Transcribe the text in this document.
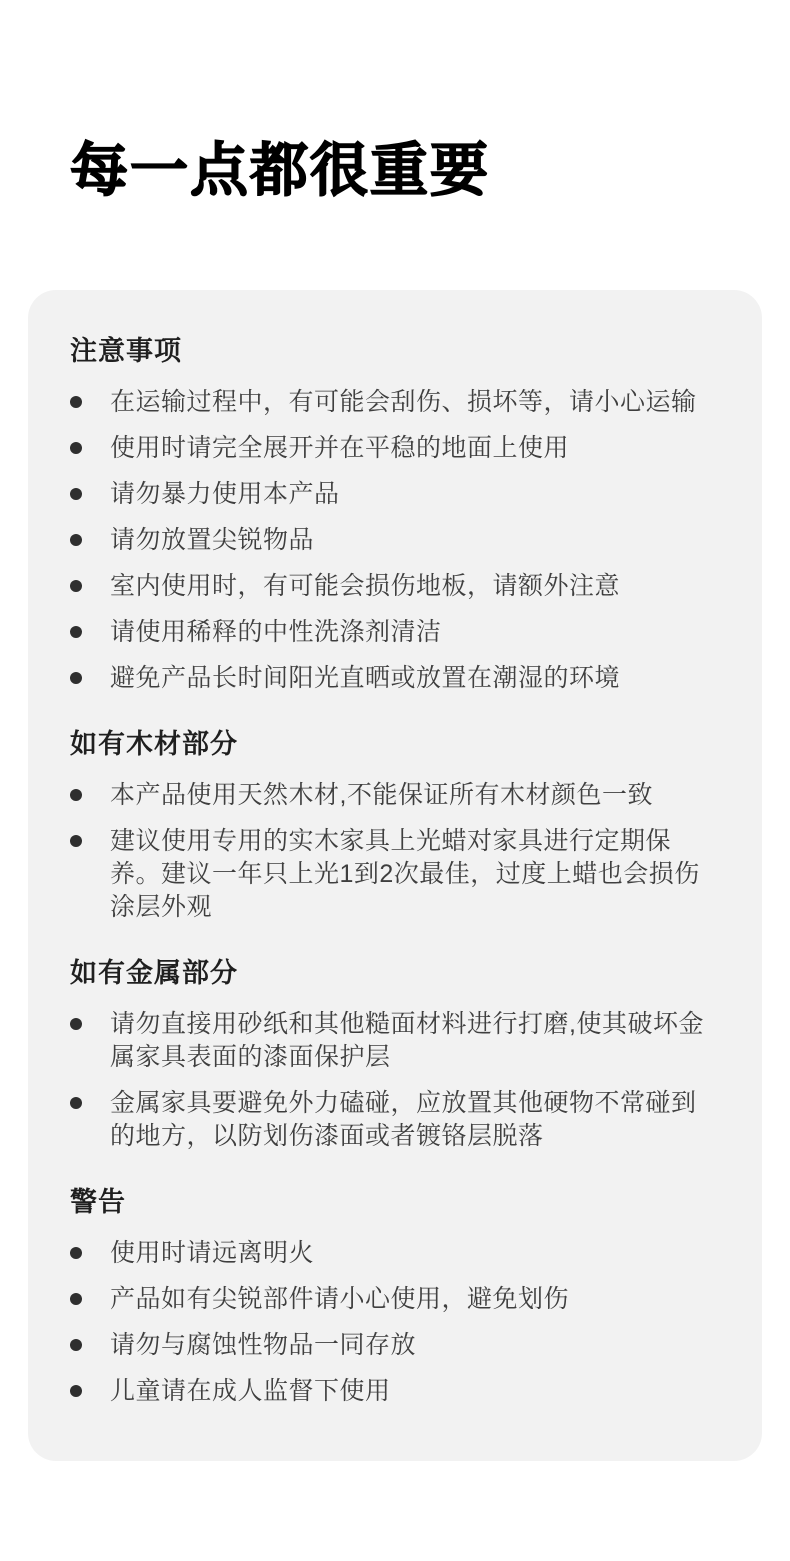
每一点都很重要
注意事项
在运输过程中，有可能会刮伤、损坏等，请小心运输
使用时请完全展开并在平稳的地面上使用
请勿暴力使用本产品
请勿放置尖锐物品
室内使用时，有可能会损伤地板，请额外注意
请使用稀释的中性洗涤剂清洁
避免产品长时间阳光直晒或放置在潮湿的环境
如有木材部分
本产品使用天然木材,不能保证所有木材颜色一致
建议使用专用的实木家具上光蜡对家具进行定期保养。建议一年只上光1到2次最佳，过度上蜡也会损伤涂层外观
如有金属部分
请勿直接用砂纸和其他糙面材料进行打磨,使其破坏金属家具表面的漆面保护层
金属家具要避免外力磕碰，应放置其他硬物不常碰到的地方，以防划伤漆面或者镀铬层脱落
警告
使用时请远离明火
产品如有尖锐部件请小心使用，避免划伤
请勿与腐蚀性物品一同存放
儿童请在成人监督下使用
